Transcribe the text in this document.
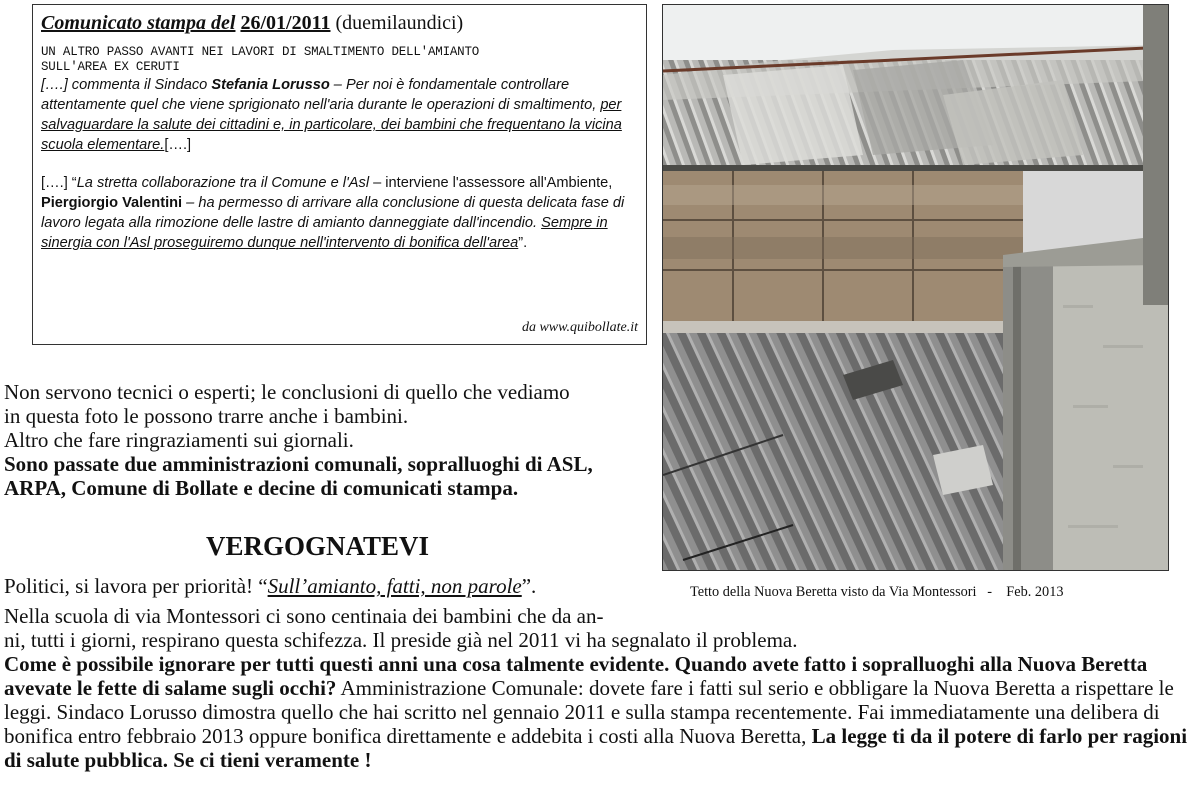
Comunicato stampa del 26/01/2011 (duemilaundici)

UN ALTRO PASSO AVANTI NEI LAVORI DI SMALTIMENTO DELL'AMIANTO
SULL'AREA EX CERUTI

[….] commenta il Sindaco Stefania Lorusso – Per noi è fondamentale controllare attentamente quel che viene sprigionato nell'aria durante le operazioni di smaltimento, per salvaguardare la salute dei cittadini e, in particolare, dei bambini che frequentano la vicina scuola elementare.[….]

[….] “La stretta collaborazione tra il Comune e l'Asl – interviene l'assessore all'Ambiente, Piergiorgio Valentini – ha permesso di arrivare alla conclusione di questa delicata fase di lavoro legata alla rimozione delle lastre di amianto danneggiate dall'incendio. Sempre in sinergia con l'Asl proseguiremo dunque nell'intervento di bonifica dell'area”.

da www.quibollate.it
Tetto della Nuova Beretta visto da Via Montessori   -    Feb. 2013
Non servono tecnici o esperti; le conclusioni di quello che vediamo
in questa foto le possono trarre anche i bambini.
Altro che fare ringraziamenti sui giornali.
Sono passate due amministrazioni comunali, sopralluoghi di ASL, ARPA, Comune di Bollate e decine di comunicati stampa.
VERGOGNATEVI
Politici, si lavora per priorità! “Sull’amianto, fatti, non parole”.

Nella scuola di via Montessori ci sono centinaia dei bambini che da an-

ni, tutti i giorni, respirano questa schifezza. Il preside già nel 2011 vi ha segnalato il problema.

Come è possibile ignorare per tutti questi anni una cosa talmente evidente. Quando avete fatto i sopralluoghi alla Nuova Beretta avevate le fette di salame sugli occhi? Amministrazione Comunale: dovete fare i fatti sul serio e obbligare la Nuova Beretta a rispettare le leggi. Sindaco Lorusso dimostra quello che hai scritto nel gennaio 2011 e sulla stampa recentemente. Fai immediatamente una delibera di bonifica entro febbraio 2013 oppure bonifica direttamente e addebita i costi alla Nuova Beretta, La legge ti da il potere di farlo per ragioni di salute pubblica. Se ci tieni veramente !
